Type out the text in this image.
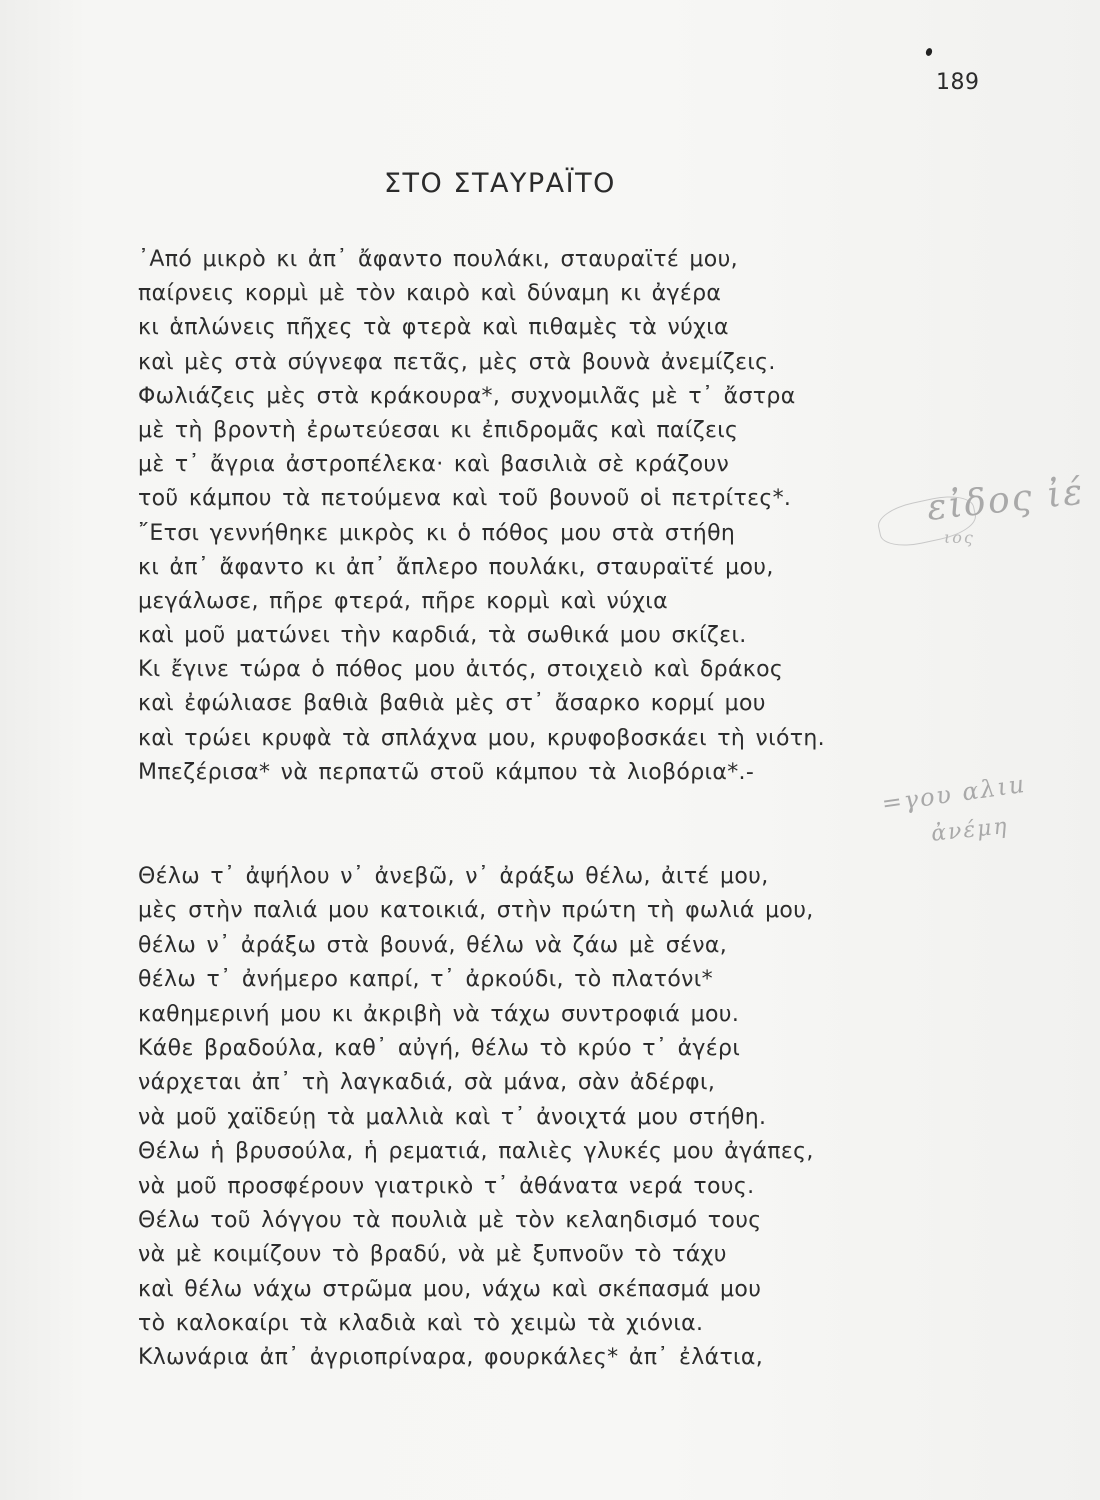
189
ΣΤΟ ΣΤΑΥΡΑΪΤΟ
᾿Από μικρὸ κι ἀπ᾿ ἄφαντο πουλάκι, σταυραϊτέ μου,
παίρνεις κορμὶ μὲ τὸν καιρὸ καὶ δύναμη κι ἀγέρα
κι ἁπλώνεις πῆχες τὰ φτερὰ καὶ πιθαμὲς τὰ νύχια
καὶ μὲς στὰ σύγνεφα πετᾶς, μὲς στὰ βουνὰ ἀνεμίζεις.
Φωλιάζεις μὲς στὰ κράκουρα*, συχνομιλᾶς μὲ τ᾿ ἄστρα
μὲ τὴ βροντὴ ἐρωτεύεσαι κι ἐπιδρομᾶς καὶ παίζεις
μὲ τ᾿ ἄγρια ἀστροπέλεκα· καὶ βασιλιὰ σὲ κράζουν
τοῦ κάμπου τὰ πετούμενα καὶ τοῦ βουνοῦ οἱ πετρίτες*.
῎Ετσι γεννήθηκε μικρὸς κι ὁ πόθος μου στὰ στήθη
κι ἀπ᾿ ἄφαντο κι ἀπ᾿ ἄπλερο πουλάκι, σταυραϊτέ μου,
μεγάλωσε, πῆρε φτερά, πῆρε κορμὶ καὶ νύχια
καὶ μοῦ ματώνει τὴν καρδιά, τὰ σωθικά μου σκίζει.
Κι ἔγινε τώρα ὁ πόθος μου ἀιτός, στοιχειὸ καὶ δράκος
καὶ ἐφώλιασε βαθιὰ βαθιὰ μὲς στ᾿ ἄσαρκο κορμί μου
καὶ τρώει κρυφὰ τὰ σπλάχνα μου, κρυφοβοσκάει τὴ νιότη.
Μπεζέρισα* νὰ περπατῶ στοῦ κάμπου τὰ λιοβόρια*.-
Θέλω τ᾿ ἀψήλου ν᾿ ἀνεβῶ, ν᾿ ἀράξω θέλω, ἀιτέ μου,
μὲς στὴν παλιά μου κατοικιά, στὴν πρώτη τὴ φωλιά μου,
θέλω ν᾿ ἀράξω στὰ βουνά, θέλω νὰ ζάω μὲ σένα,
θέλω τ᾿ ἀνήμερο καπρί, τ᾿ ἀρκούδι, τὸ πλατόνι*
καθημερινή μου κι ἀκριβὴ νὰ τάχω συντροφιά μου.
Κάθε βραδούλα, καθ᾿ αὐγή, θέλω τὸ κρύο τ᾿ ἀγέρι
νάρχεται ἀπ᾿ τὴ λαγκαδιά, σὰ μάνα, σὰν ἀδέρφι,
νὰ μοῦ χαϊδεύῃ τὰ μαλλιὰ καὶ τ᾿ ἀνοιχτά μου στήθη.
Θέλω ἡ βρυσούλα, ἡ ρεματιά, παλιὲς γλυκές μου ἀγάπες,
νὰ μοῦ προσφέρουν γιατρικὸ τ᾿ ἀθάνατα νερά τους.
Θέλω τοῦ λόγγου τὰ πουλιὰ μὲ τὸν κελαηδισμό τους
νὰ μὲ κοιμίζουν τὸ βραδύ, νὰ μὲ ξυπνοῦν τὸ τάχυ
καὶ θέλω νάχω στρῶμα μου, νάχω καὶ σκέπασμά μου
τὸ καλοκαίρι τὰ κλαδιὰ καὶ τὸ χειμὼ τὰ χιόνια.
Κλωνάρια ἀπ᾿ ἀγριοπρίναρα, φουρκάλες* ἀπ᾿ ἐλάτια,
εἰδος ἰέ
ιος
=γου αλιu
ἀνέμη
